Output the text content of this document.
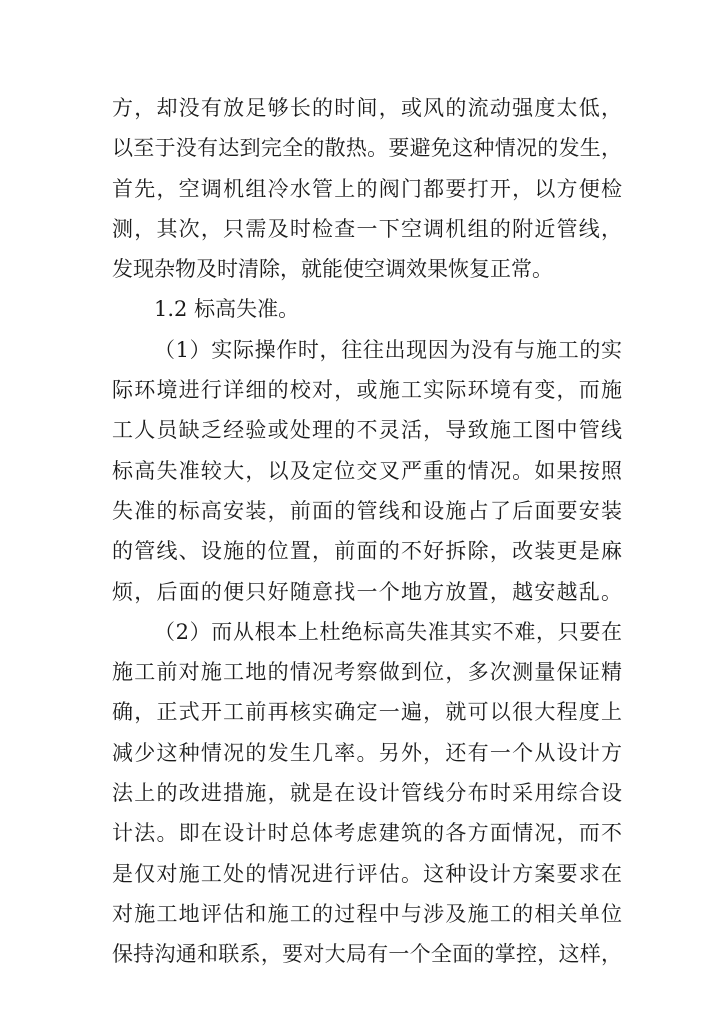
方，却没有放足够长的时间，或风的流动强度太低，
以至于没有达到完全的散热。要避免这种情况的发生，
首先，空调机组冷水管上的阀门都要打开，以方便检
测，其次，只需及时检查一下空调机组的附近管线，
发现杂物及时清除，就能使空调效果恢复正常。
1.2 标高失准。
（1）实际操作时，往往出现因为没有与施工的实
际环境进行详细的校对，或施工实际环境有变，而施
工人员缺乏经验或处理的不灵活，导致施工图中管线
标高失准较大，以及定位交叉严重的情况。如果按照
失准的标高安装，前面的管线和设施占了后面要安装
的管线、设施的位置，前面的不好拆除，改装更是麻
烦，后面的便只好随意找一个地方放置，越安越乱。
（2）而从根本上杜绝标高失准其实不难，只要在
施工前对施工地的情况考察做到位，多次测量保证精
确，正式开工前再核实确定一遍，就可以很大程度上
减少这种情况的发生几率。另外，还有一个从设计方
法上的改进措施，就是在设计管线分布时采用综合设
计法。即在设计时总体考虑建筑的各方面情况，而不
是仅对施工处的情况进行评估。这种设计方案要求在
对施工地评估和施工的过程中与涉及施工的相关单位
保持沟通和联系，要对大局有一个全面的掌控，这样，
